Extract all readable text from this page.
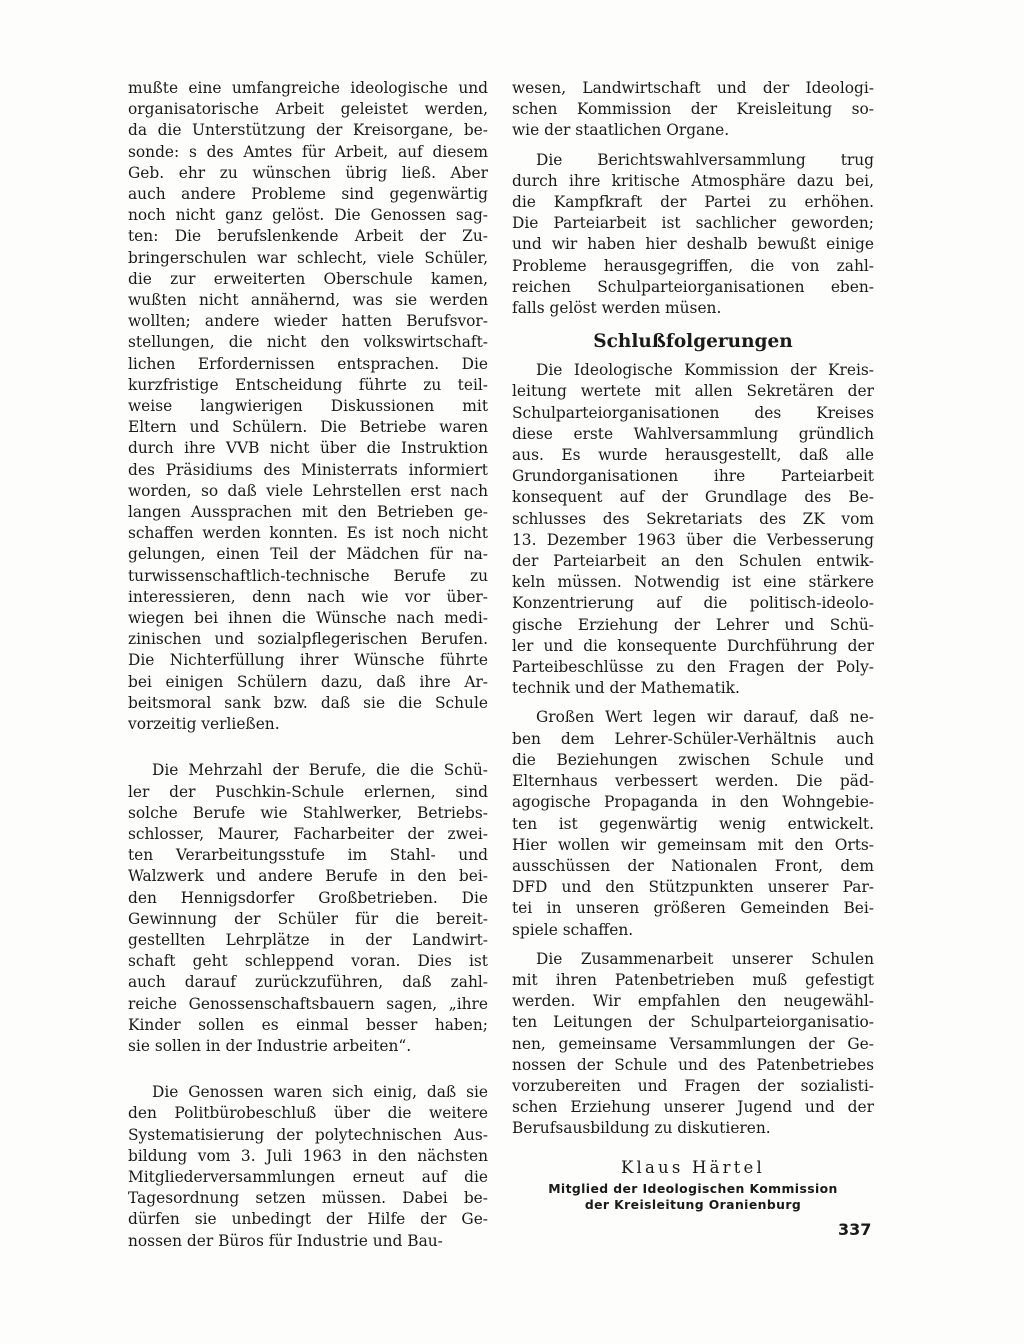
mußte eine umfangreiche ideologische und
organisatorische Arbeit geleistet werden,
da die Unterstützung der Kreisorgane, be-
sonde: s des Amtes für Arbeit, auf diesem
Geb. ehr zu wünschen übrig ließ. Aber
auch andere Probleme sind gegenwärtig
noch nicht ganz gelöst. Die Genossen sag-
ten: Die berufslenkende Arbeit der Zu-
bringerschulen war schlecht, viele Schüler,
die zur erweiterten Oberschule kamen,
wußten nicht annähernd, was sie werden
wollten; andere wieder hatten Berufsvor-
stellungen, die nicht den volkswirtschaft-
lichen Erfordernissen entsprachen. Die
kurzfristige Entscheidung führte zu teil-
weise langwierigen Diskussionen mit
Eltern und Schülern. Die Betriebe waren
durch ihre VVB nicht über die Instruktion
des Präsidiums des Ministerrats informiert
worden, so daß viele Lehrstellen erst nach
langen Aussprachen mit den Betrieben ge-
schaffen werden konnten. Es ist noch nicht
gelungen, einen Teil der Mädchen für na-
turwissenschaftlich-technische Berufe zu
interessieren, denn nach wie vor über-
wiegen bei ihnen die Wünsche nach medi-
zinischen und sozialpflegerischen Berufen.
Die Nichterfüllung ihrer Wünsche führte
bei einigen Schülern dazu, daß ihre Ar-
beitsmoral sank bzw. daß sie die Schule
vorzeitig verließen.

Die Mehrzahl der Berufe, die die Schü-
ler der Puschkin-Schule erlernen, sind
solche Berufe wie Stahlwerker, Betriebs-
schlosser, Maurer, Facharbeiter der zwei-
ten Verarbeitungsstufe im Stahl- und
Walzwerk und andere Berufe in den bei-
den Hennigsdorfer Großbetrieben. Die
Gewinnung der Schüler für die bereit-
gestellten Lehrplätze in der Landwirt-
schaft geht schleppend voran. Dies ist
auch darauf zurückzuführen, daß zahl-
reiche Genossenschaftsbauern sagen, „ihre
Kinder sollen es einmal besser haben;
sie sollen in der Industrie arbeiten“.

Die Genossen waren sich einig, daß sie
den Politbürobeschluß über die weitere
Systematisierung der polytechnischen Aus-
bildung vom 3. Juli 1963 in den nächsten
Mitgliederversammlungen erneut auf die
Tagesordnung setzen müssen. Dabei be-
dürfen sie unbedingt der Hilfe der Ge-
nossen der Büros für Industrie und Bau-

wesen, Landwirtschaft und der Ideologi-
schen Kommission der Kreisleitung so-
wie der staatlichen Organe.

Die Berichtswahlversammlung trug
durch ihre kritische Atmosphäre dazu bei,
die Kampfkraft der Partei zu erhöhen.
Die Parteiarbeit ist sachlicher geworden;
und wir haben hier deshalb bewußt einige
Probleme herausgegriffen, die von zahl-
reichen Schulparteiorganisationen eben-
falls gelöst werden müsen.

Schlußfolgerungen

Die Ideologische Kommission der Kreis-
leitung wertete mit allen Sekretären der
Schulparteiorganisationen des Kreises
diese erste Wahlversammlung gründlich
aus. Es wurde herausgestellt, daß alle
Grundorganisationen ihre Parteiarbeit
konsequent auf der Grundlage des Be-
schlusses des Sekretariats des ZK vom
13. Dezember 1963 über die Verbesserung
der Parteiarbeit an den Schulen entwik-
keln müssen. Notwendig ist eine stärkere
Konzentrierung auf die politisch-ideolo-
gische Erziehung der Lehrer und Schü-
ler und die konsequente Durchführung der
Parteibeschlüsse zu den Fragen der Poly-
technik und der Mathematik.

Großen Wert legen wir darauf, daß ne-
ben dem Lehrer-Schüler-Verhältnis auch
die Beziehungen zwischen Schule und
Elternhaus verbessert werden. Die päd-
agogische Propaganda in den Wohngebie-
ten ist gegenwärtig wenig entwickelt.
Hier wollen wir gemeinsam mit den Orts-
ausschüssen der Nationalen Front, dem
DFD und den Stützpunkten unserer Par-
tei in unseren größeren Gemeinden Bei-
spiele schaffen.

Die Zusammenarbeit unserer Schulen
mit ihren Patenbetrieben muß gefestigt
werden. Wir empfahlen den neugewähl-
ten Leitungen der Schulparteiorganisatio-
nen, gemeinsame Versammlungen der Ge-
nossen der Schule und des Patenbetriebes
vorzubereiten und Fragen der sozialisti-
schen Erziehung unserer Jugend und der
Berufsausbildung zu diskutieren.

Klaus Härtel
Mitglied der Ideologischen Kommission
der Kreisleitung Oranienburg
337
